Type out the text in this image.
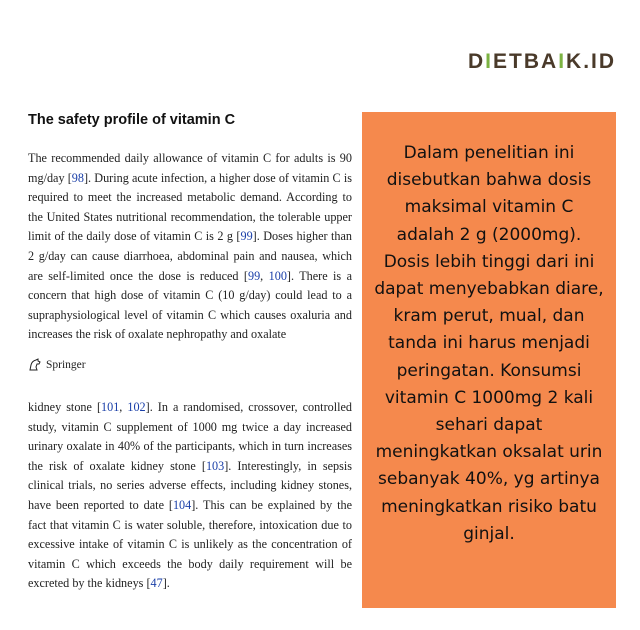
DIETBAIK.ID
The safety profile of vitamin C

The recommended daily allowance of vitamin C for adults is 90 mg/day [98]. During acute infection, a higher dose of vitamin C is required to meet the increased metabolic demand. According to the United States nutritional recommendation, the tolerable upper limit of the daily dose of vitamin C is 2 g [99]. Doses higher than 2 g/day can cause diarrhoea, abdominal pain and nausea, which are self-limited once the dose is reduced [99, 100]. There is a concern that high dose of vitamin C (10 g/day) could lead to a supraphysiological level of vitamin C which causes oxaluria and increases the risk of oxalate nephropathy and oxalate

Springer

kidney stone [101, 102]. In a randomised, crossover, controlled study, vitamin C supplement of 1000 mg twice a day increased urinary oxalate in 40% of the participants, which in turn increases the risk of oxalate kidney stone [103]. Interestingly, in sepsis clinical trials, no series adverse effects, including kidney stones, have been reported to date [104]. This can be explained by the fact that vitamin C is water soluble, therefore, intoxication due to excessive intake of vitamin C is unlikely as the concentration of vitamin C which exceeds the body daily requirement will be excreted by the kidneys [47].

Dalam penelitian ini disebutkan bahwa dosis maksimal vitamin C adalah 2 g (2000mg). Dosis lebih tinggi dari ini dapat menyebabkan diare, kram perut, mual, dan tanda ini harus menjadi peringatan. Konsumsi vitamin C 1000mg 2 kali sehari dapat meningkatkan oksalat urin sebanyak 40%, yg artinya meningkatkan risiko batu ginjal.
